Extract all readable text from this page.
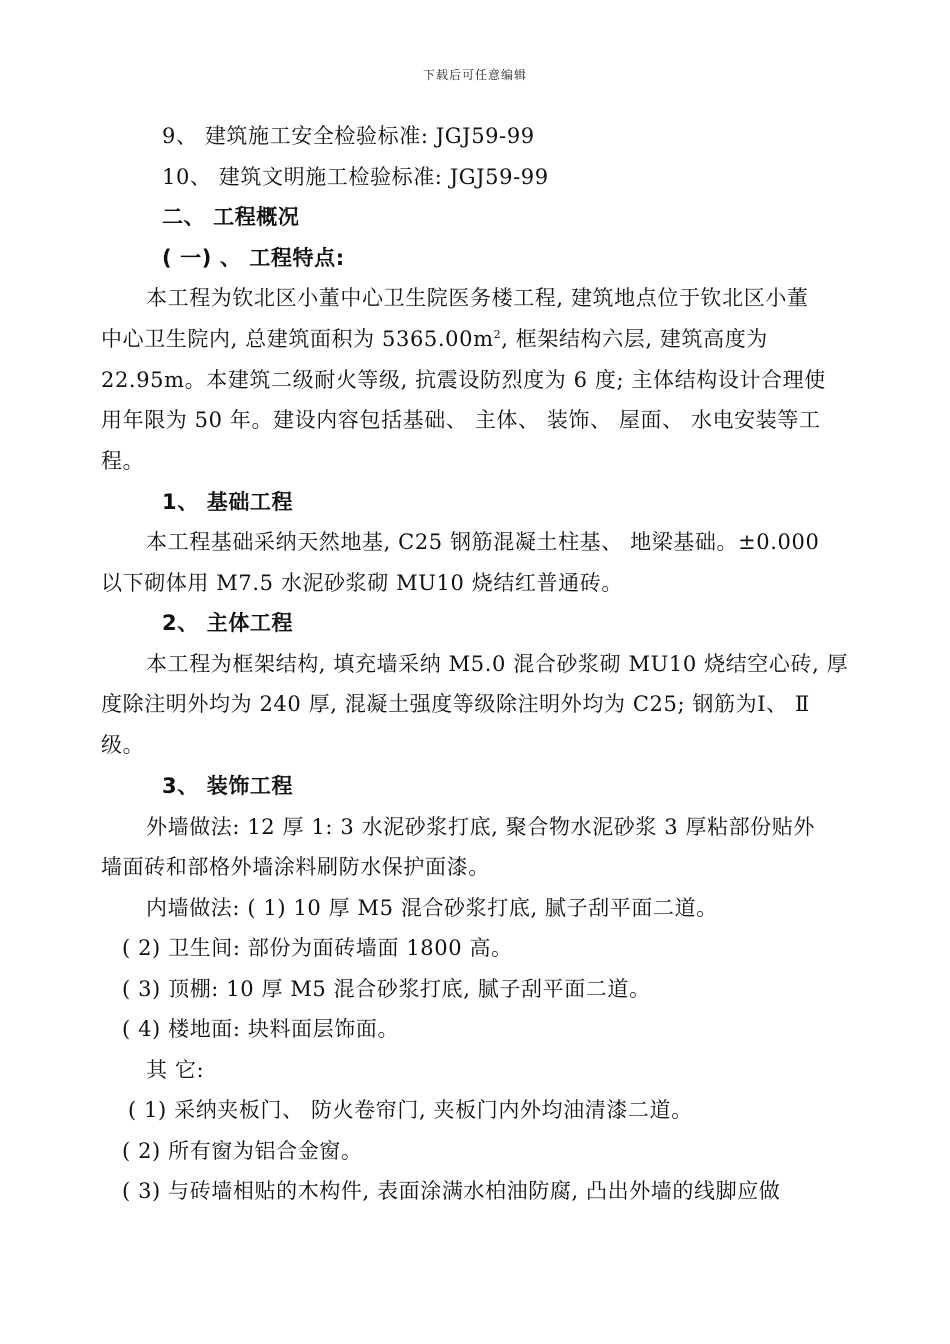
下载后可任意编辑
9、 建筑施工安全检验标准: JGJ59-99
10、 建筑文明施工检验标准: JGJ59-99
二、 工程概况
( 一) 、 工程特点:
本工程为钦北区小董中心卫生院医务楼工程, 建筑地点位于钦北区小董
中心卫生院内, 总建筑面积为 $5365.00m^2$, 框架结构六层, 建筑高度为
22.95m。本建筑二级耐火等级, 抗震设防烈度为 6 度; 主体结构设计合理使
用年限为 50 年。建设内容包括基础、 主体、 装饰、 屋面、 水电安装等工
程。
1、 基础工程
本工程基础采纳天然地基, C25 钢筋混凝土柱基、 地梁基础。±0.000
以下砌体用 M7.5 水泥砂浆砌 MU10 烧结红普通砖。
2、 主体工程
本工程为框架结构, 填充墙采纳 M5.0 混合砂浆砌 MU10 烧结空心砖, 厚
度除注明外均为 240 厚, 混凝土强度等级除注明外均为 C25; 钢筋为Ⅰ、 Ⅱ
级。
3、 装饰工程
外墙做法: 12 厚 1: 3 水泥砂浆打底, 聚合物水泥砂浆 3 厚粘部份贴外
墙面砖和部格外墙涂料刷防水保护面漆。
内墙做法: ( 1) 10 厚 M5 混合砂浆打底, 腻子刮平面二道。
( 2) 卫生间: 部份为面砖墙面 1800 高。
( 3) 顶棚: 10 厚 M5 混合砂浆打底, 腻子刮平面二道。
( 4) 楼地面: 块料面层饰面。
其 它:
( 1) 采纳夹板门、 防火卷帘门, 夹板门内外均油清漆二道。
( 2) 所有窗为铝合金窗。
( 3) 与砖墙相贴的木构件, 表面涂满水柏油防腐, 凸出外墙的线脚应做
